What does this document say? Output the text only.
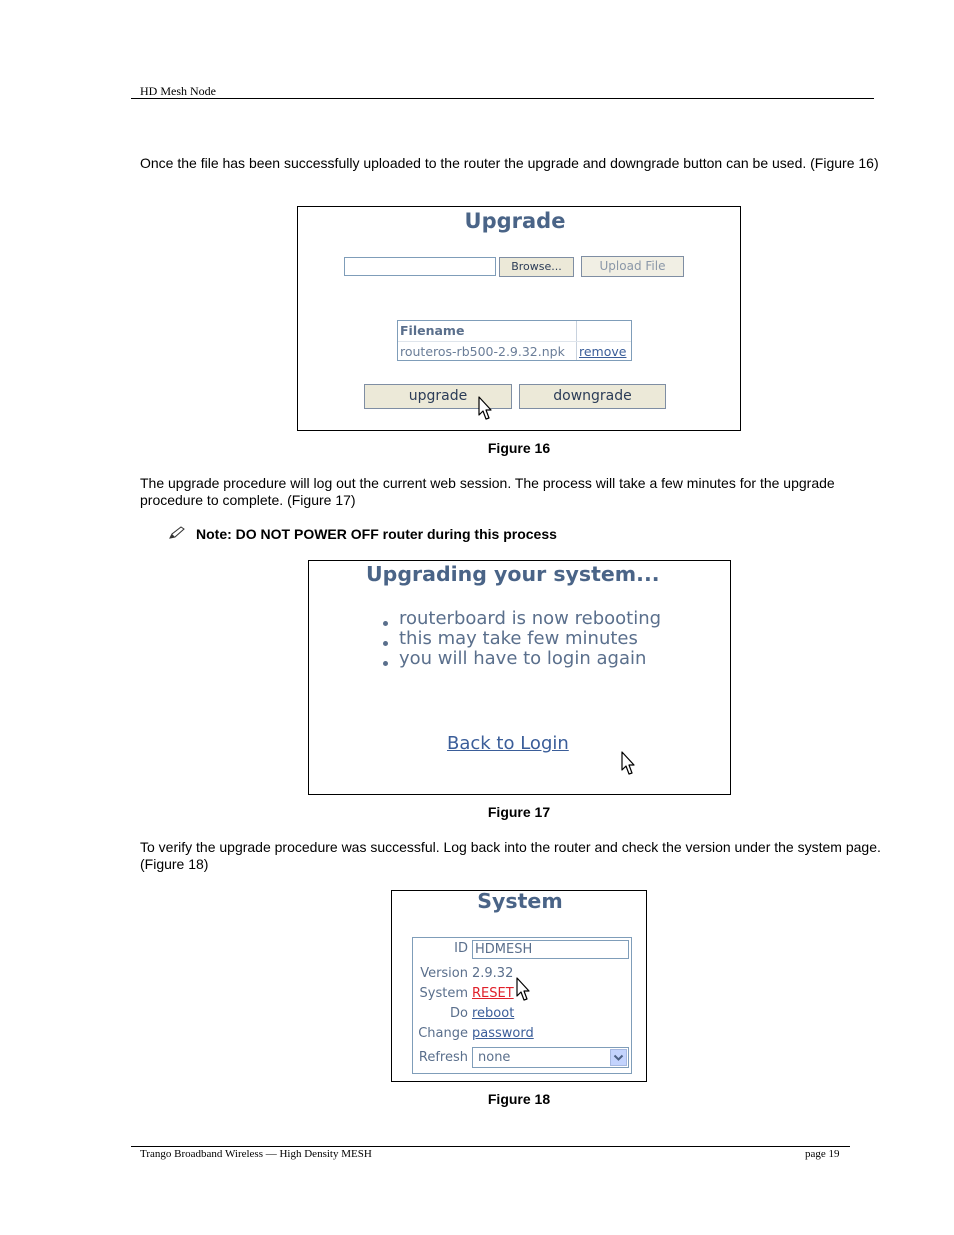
HD Mesh Node
Once the file has been successfully uploaded to the router the upgrade and downgrade button can be used. (Figure 16)
Upgrade
Browse...	Upload File
Filename
routeros-rb500-2.9.32.npk remove
upgrade	downgrade
Figure 16
The upgrade procedure will log out the current web session. The process will take a few minutes for the upgrade procedure to complete. (Figure 17)
Note: DO NOT POWER OFF router during this process
Upgrading your system...
routerboard is now rebooting
this may take few minutes
you will have to login again
Back to Login
Figure 17
To verify the upgrade procedure was successful. Log back into the router and check the version under the system page. (Figure 18)
System
ID HDMESH
Version 2.9.32
System RESET
Do reboot
Change password
Refresh none
Figure 18
Trango Broadband Wireless — High Density MESH	page 19
